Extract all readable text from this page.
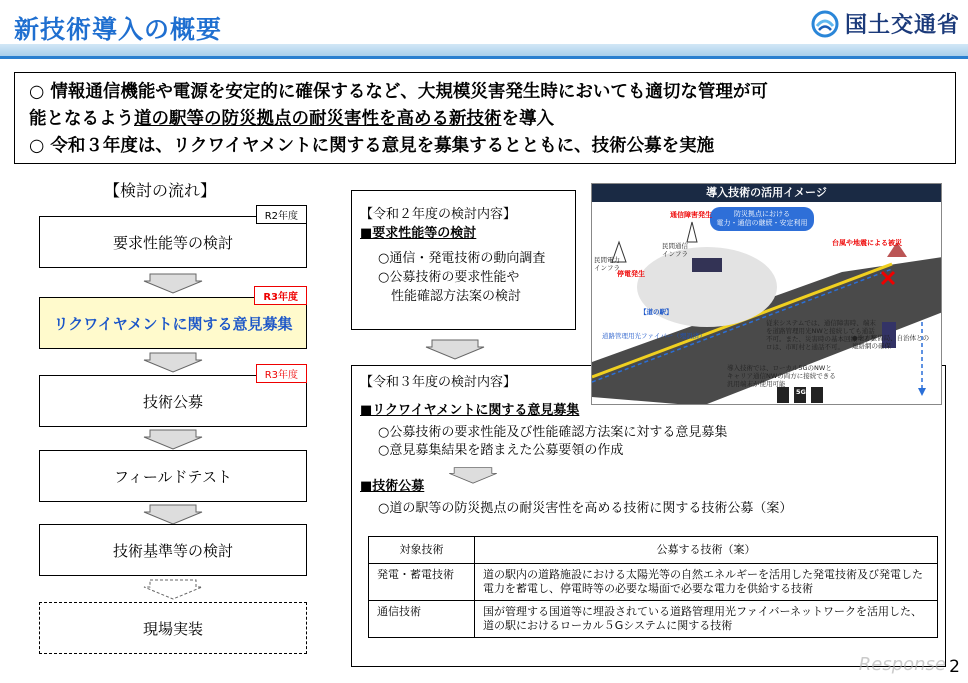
新技術導入の概要	国土交通省
○ 情報通信機能や電源を安定的に確保するなど、大規模災害発生時においても適切な管理が可
能となるよう道の駅等の防災拠点の耐災害性を高める新技術を導入
○ 令和３年度は、リクワイヤメントに関する意見を募集するとともに、技術公募を実施
【検討の流れ】
要求性能等の検討
R2年度
リクワイヤメントに関する意見募集
R3年度
技術公募
R3年度
フィールドテスト
技術基準等の検討
現場実装
【令和２年度の検討内容】
■要求性能等の検討
○通信・発電技術の動向調査
○公募技術の要求性能や
　性能確認方法案の検討
【令和３年度の検討内容】
■リクワイヤメントに関する意見募集
○公募技術の要求性能及び性能確認方法案に対する意見募集
○意見募集結果を踏まえた公募要領の作成
■技術公募
○道の駅等の防災拠点の耐災害性を高める技術に関する技術公募（案）
対象技術	公募する技術（案）
発電・蓄電技術	道の駅内の道路施設における太陽光等の自然エネルギーを活用した発電技術及び発電した電力を蓄電し、停電時等の必要な場面で必要な電力を供給する技術
通信技術	国が管理する国道等に埋設されている道路管理用光ファイバーネットワークを活用した、道の駅におけるローカル５Gシステムに関する技術
導入技術の活用イメージ
防災拠点における
電力・通信の継続・安定利用
通信障害発生
停電発生
台風や地震による被災
民間通信
インフラ
民間電力
インフラ
【道の駅】
道路管理用光ファイバー（埋設済）
従来システムでは、通信障害時、端末を道路管理用光NWと接続しても通話不可。また、災害時の基本回線マイクロは、市町村と通話不可。
導入技術では、ローカル5GのNWとキャリア通信NWの両方に接続できる汎用端末が使用可能
●地方整備局、自治体との連絡網の確保
5G
Response 2
